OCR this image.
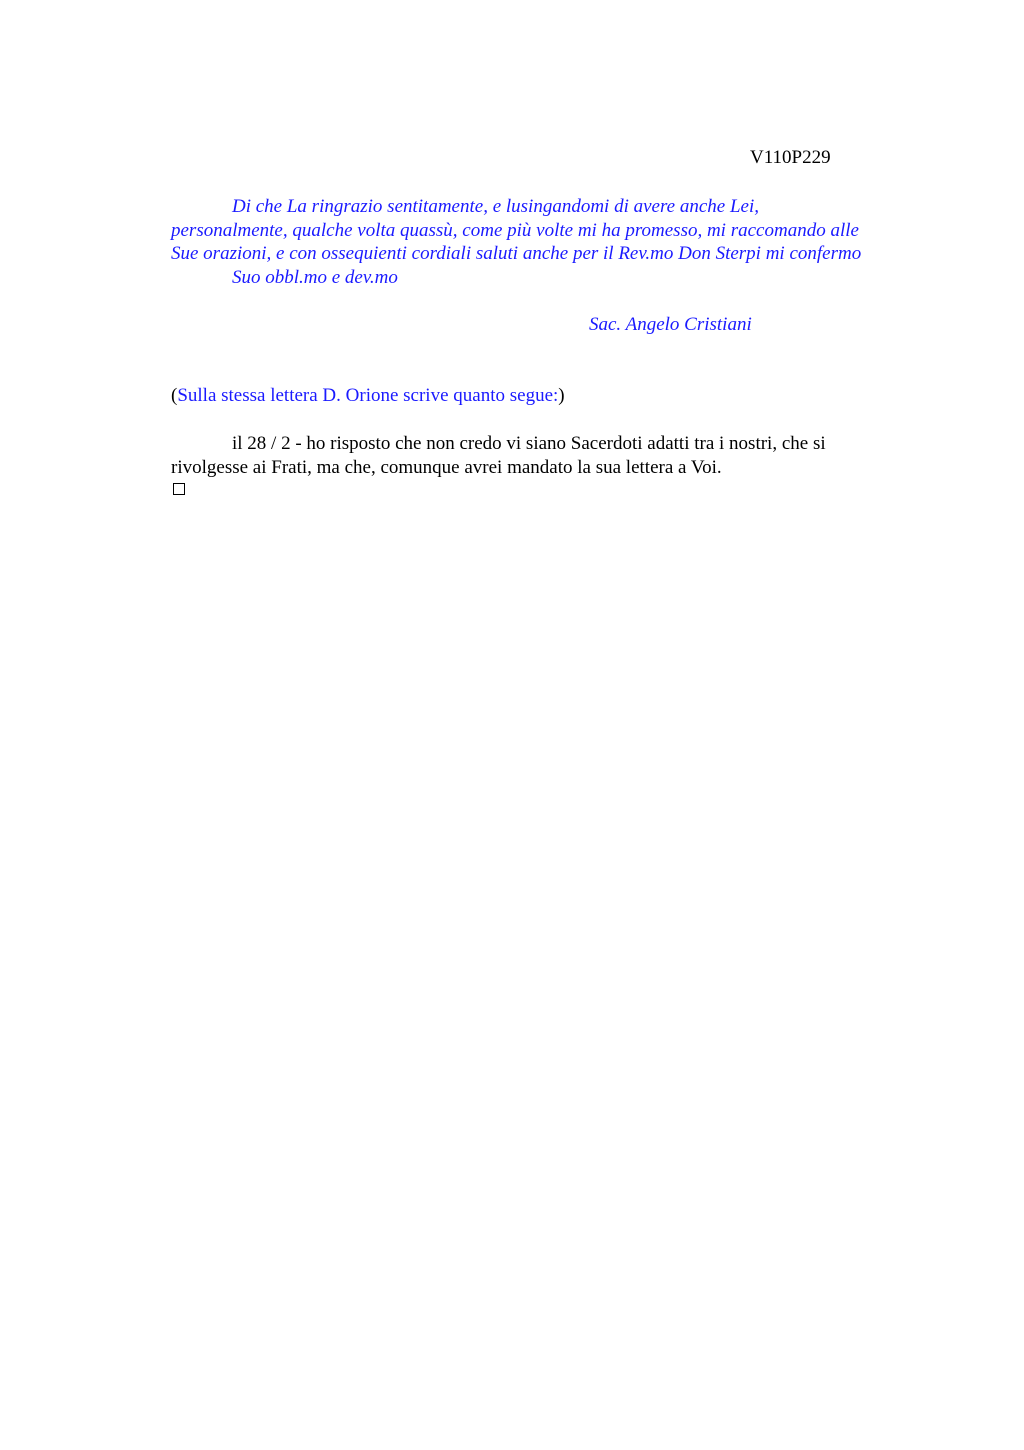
V110P229
Di che La ringrazio sentitamente, e lusingandomi di avere anche Lei,
personalmente, qualche volta quassù, come più volte mi ha promesso, mi raccomando alle
Sue orazioni, e con ossequienti cordiali saluti anche per il Rev.mo Don Sterpi mi confermo
Suo obbl.mo e dev.mo
Sac. Angelo Cristiani
(Sulla stessa lettera D. Orione scrive quanto segue:)
il 28 / 2 - ho risposto che non credo vi siano Sacerdoti adatti tra i nostri, che si
rivolgesse ai Frati, ma che, comunque avrei mandato la sua lettera a Voi.
